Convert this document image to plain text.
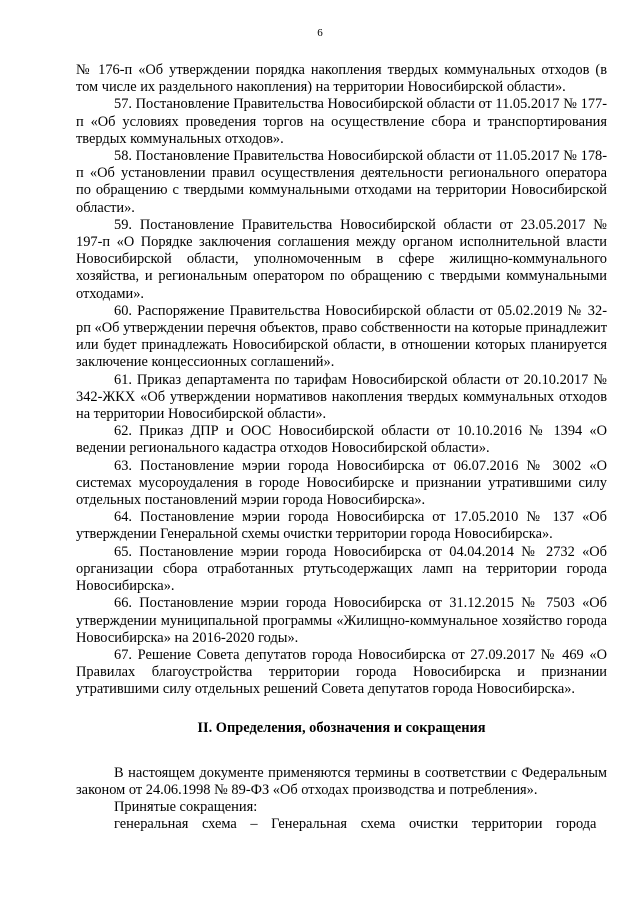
6

№ 176-п «Об утверждении порядка накопления твердых коммунальных отходов (в том числе их раздельного накопления) на территории Новосибирской области».

57. Постановление Правительства Новосибирской области от 11.05.2017 № 177-п «Об условиях проведения торгов на осуществление сбора и транспортирования твердых коммунальных отходов».

58. Постановление Правительства Новосибирской области от 11.05.2017 № 178-п «Об установлении правил осуществления деятельности регионального оператора по обращению с твердыми коммунальными отходами на территории Новосибирской области».

59. Постановление Правительства Новосибирской области от 23.05.2017 № 197-п «О Порядке заключения соглашения между органом исполнительной власти Новосибирской области, уполномоченным в сфере жилищно-коммунального хозяйства, и региональным оператором по обращению с твердыми коммунальными отходами».

60. Распоряжение Правительства Новосибирской области от 05.02.2019 № 32-рп «Об утверждении перечня объектов, право собственности на которые принадлежит или будет принадлежать Новосибирской области, в отношении которых планируется заключение концессионных соглашений».

61. Приказ департамента по тарифам Новосибирской области от 20.10.2017 № 342-ЖКХ «Об утверждении нормативов накопления твердых коммунальных отходов на территории Новосибирской области».

62. Приказ ДПР и ООС Новосибирской области от 10.10.2016 № 1394 «О ведении регионального кадастра отходов Новосибирской области».

63. Постановление мэрии города Новосибирска от 06.07.2016 № 3002 «О системах мусороудаления в городе Новосибирске и признании утратившими силу отдельных постановлений мэрии города Новосибирска».

64. Постановление мэрии города Новосибирска от 17.05.2010 № 137 «Об утверждении Генеральной схемы очистки территории города Новосибирска».

65. Постановление мэрии города Новосибирска от 04.04.2014 № 2732 «Об организации сбора отработанных ртутьсодержащих ламп на территории города Новосибирска».

66. Постановление мэрии города Новосибирска от 31.12.2015 № 7503 «Об утверждении муниципальной программы «Жилищно-коммунальное хозяйство города Новосибирска» на 2016-2020 годы».

67. Решение Совета депутатов города Новосибирска от 27.09.2017 № 469 «О Правилах благоустройства территории города Новосибирска и признании утратившими силу отдельных решений Совета депутатов города Новосибирска».

II. Определения, обозначения и сокращения

В настоящем документе применяются термины в соответствии с Федеральным законом от 24.06.1998 № 89-ФЗ «Об отходах производства и потребления».

Принятые сокращения:

генеральная схема – Генеральная схема очистки территории города
